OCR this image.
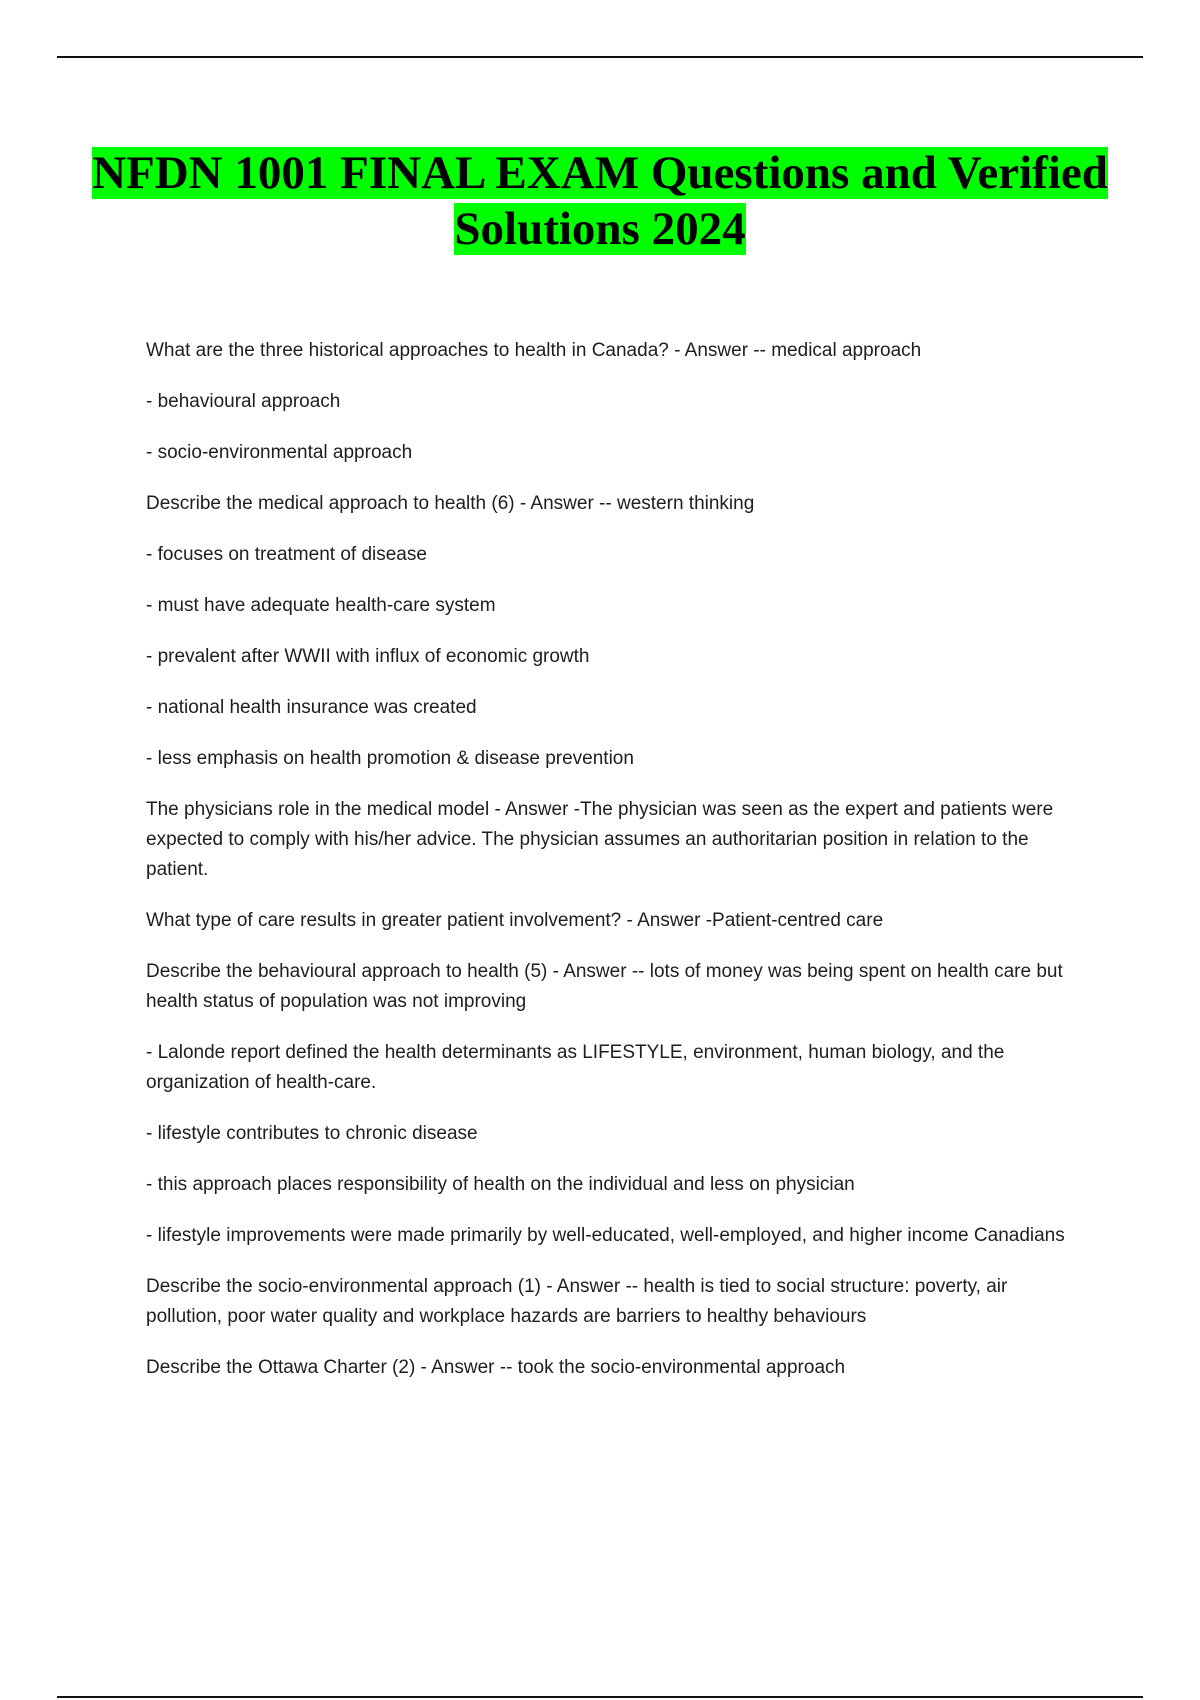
NFDN 1001 FINAL EXAM Questions and Verified Solutions 2024

What are the three historical approaches to health in Canada? - Answer -- medical approach

- behavioural approach

- socio-environmental approach

Describe the medical approach to health (6) - Answer -- western thinking

- focuses on treatment of disease

- must have adequate health-care system

- prevalent after WWII with influx of economic growth

- national health insurance was created

- less emphasis on health promotion & disease prevention

The physicians role in the medical model - Answer -The physician was seen as the expert and patients were expected to comply with his/her advice. The physician assumes an authoritarian position in relation to the patient.

What type of care results in greater patient involvement? - Answer -Patient-centred care

Describe the behavioural approach to health (5) - Answer -- lots of money was being spent on health care but health status of population was not improving

- Lalonde report defined the health determinants as LIFESTYLE, environment, human biology, and the organization of health-care.

- lifestyle contributes to chronic disease

- this approach places responsibility of health on the individual and less on physician

- lifestyle improvements were made primarily by well-educated, well-employed, and higher income Canadians

Describe the socio-environmental approach (1) - Answer -- health is tied to social structure: poverty, air pollution, poor water quality and workplace hazards are barriers to healthy behaviours

Describe the Ottawa Charter (2) - Answer -- took the socio-environmental approach
